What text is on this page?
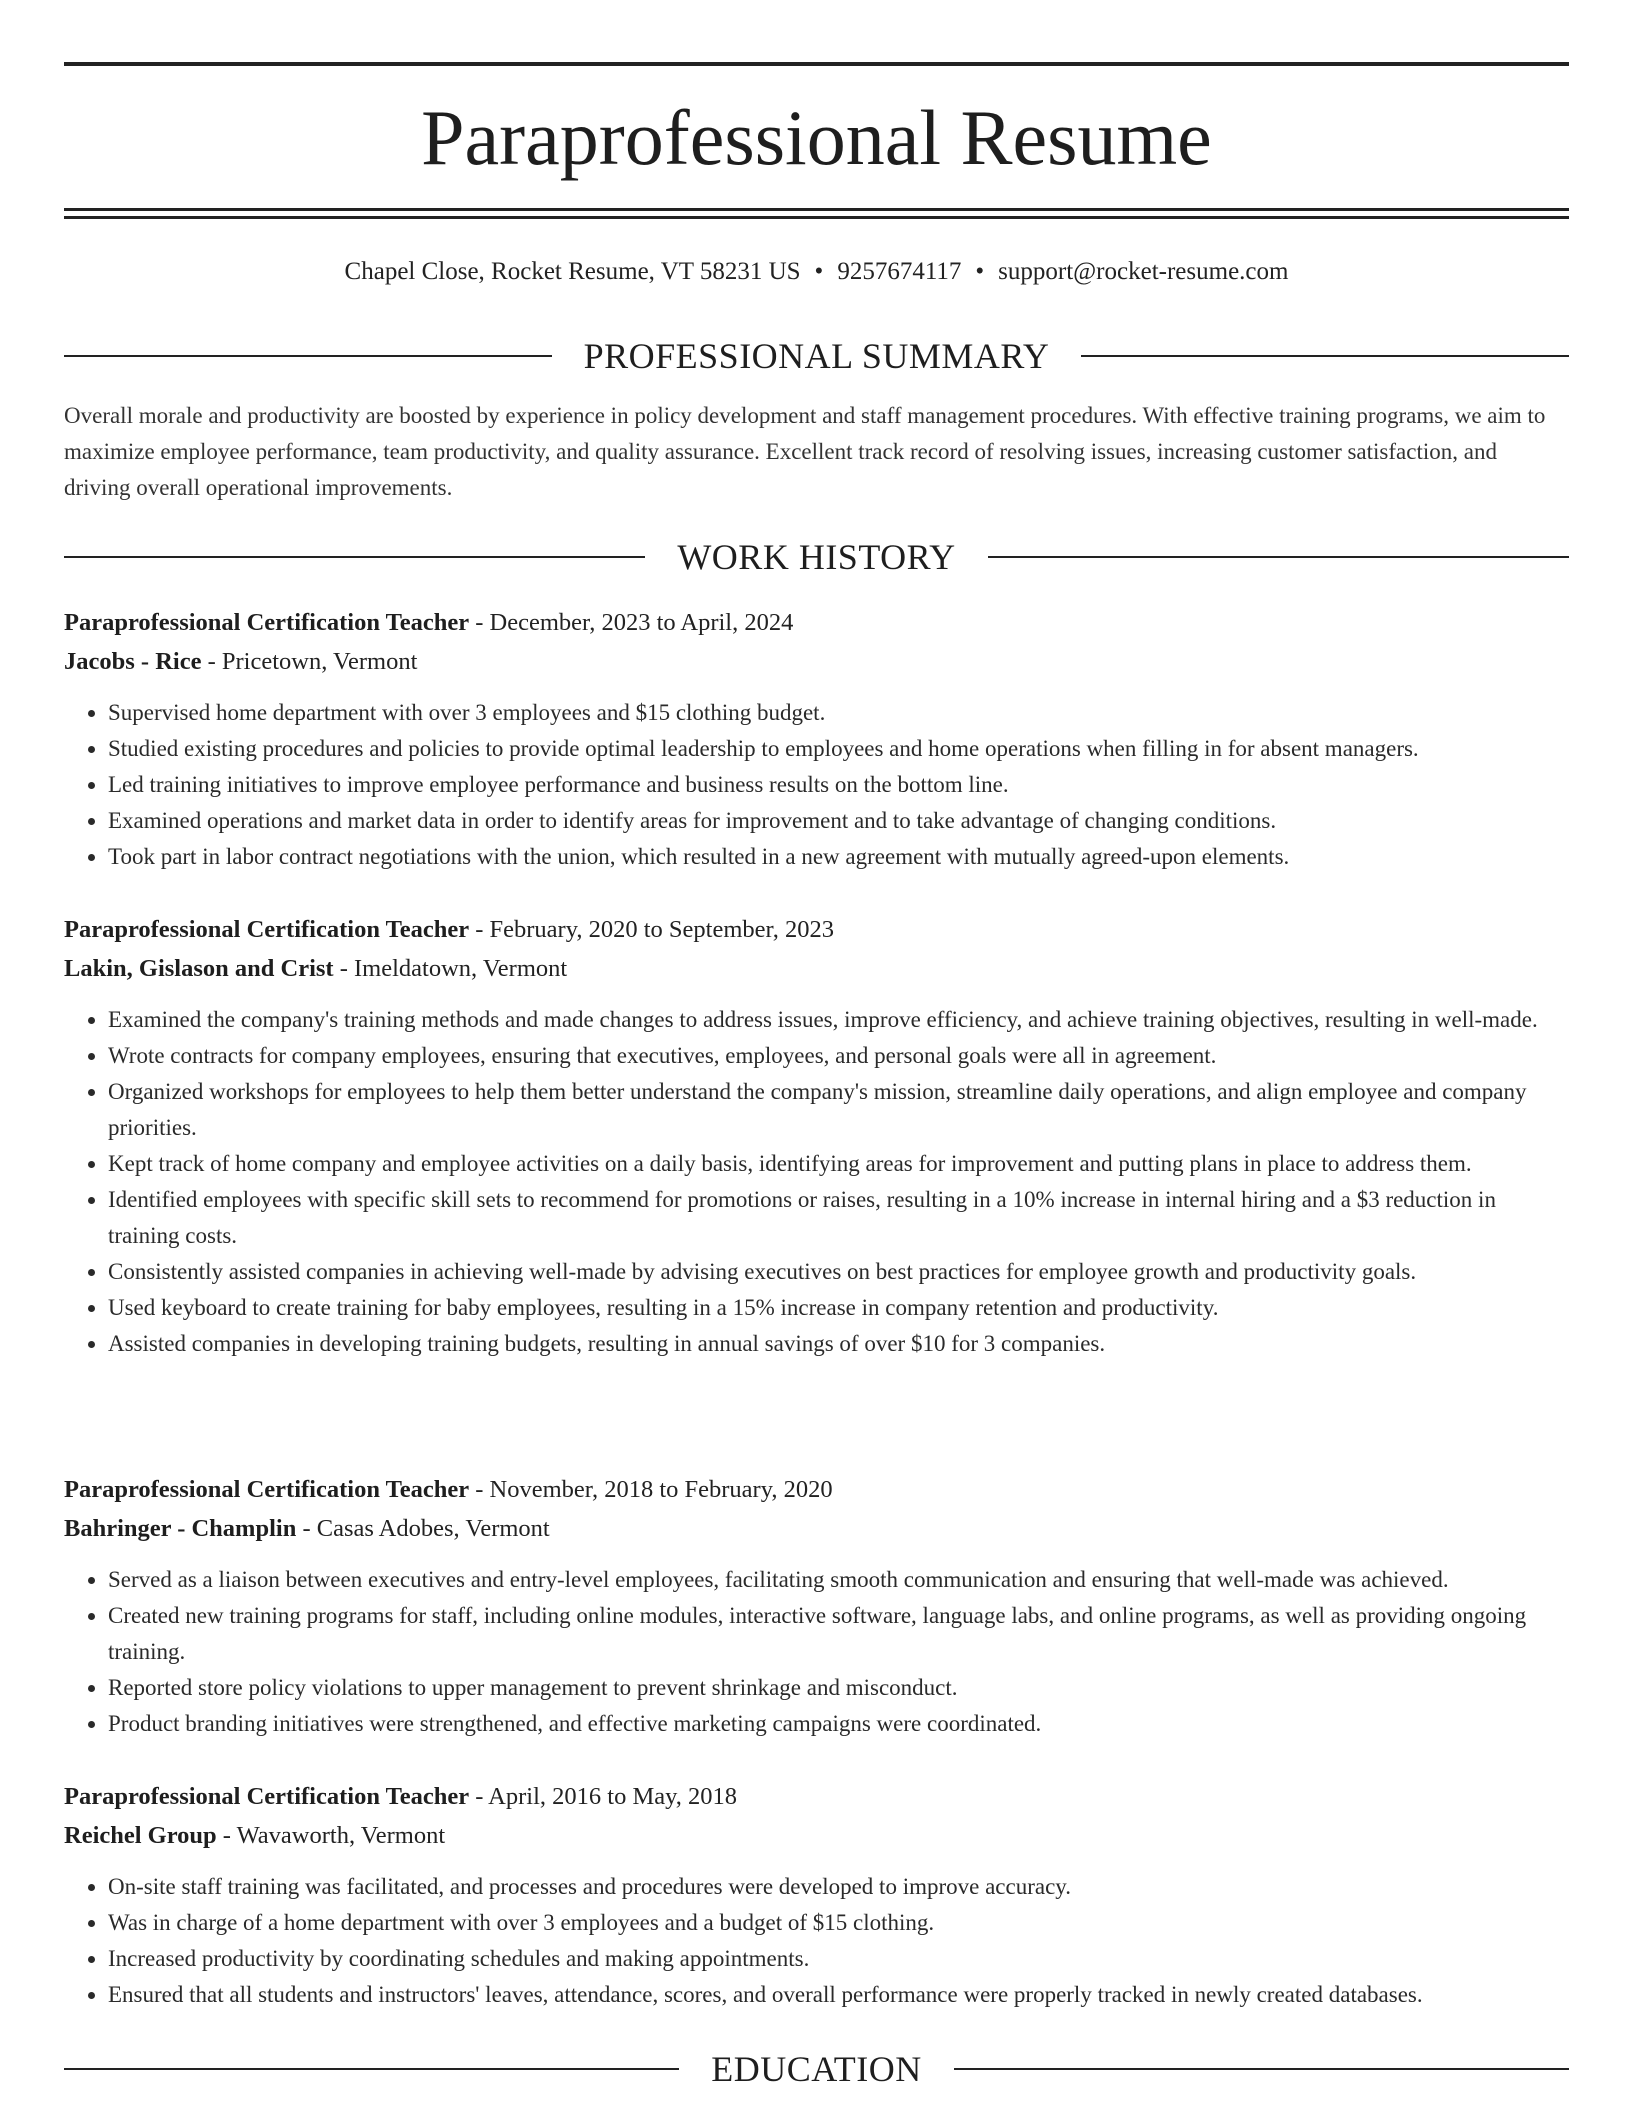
Paraprofessional Resume
Chapel Close, Rocket Resume, VT 58231 US • 9257674117 • support@rocket-resume.com
PROFESSIONAL SUMMARY

Overall morale and productivity are boosted by experience in policy development and staff management procedures. With effective training programs, we aim to maximize employee performance, team productivity, and quality assurance. Excellent track record of resolving issues, increasing customer satisfaction, and driving overall operational improvements.

WORK HISTORY
Paraprofessional Certification Teacher - December, 2023 to April, 2024
Jacobs - Rice - Pricetown, Vermont
• Supervised home department with over 3 employees and $15 clothing budget.
• Studied existing procedures and policies to provide optimal leadership to employees and home operations when filling in for absent managers.
• Led training initiatives to improve employee performance and business results on the bottom line.
• Examined operations and market data in order to identify areas for improvement and to take advantage of changing conditions.
• Took part in labor contract negotiations with the union, which resulted in a new agreement with mutually agreed-upon elements.
Paraprofessional Certification Teacher - February, 2020 to September, 2023
Lakin, Gislason and Crist - Imeldatown, Vermont
• Examined the company's training methods and made changes to address issues, improve efficiency, and achieve training objectives, resulting in well-made.
• Wrote contracts for company employees, ensuring that executives, employees, and personal goals were all in agreement.
• Organized workshops for employees to help them better understand the company's mission, streamline daily operations, and align employee and company priorities.
• Kept track of home company and employee activities on a daily basis, identifying areas for improvement and putting plans in place to address them.
• Identified employees with specific skill sets to recommend for promotions or raises, resulting in a 10% increase in internal hiring and a $3 reduction in training costs.
• Consistently assisted companies in achieving well-made by advising executives on best practices for employee growth and productivity goals.
• Used keyboard to create training for baby employees, resulting in a 15% increase in company retention and productivity.
• Assisted companies in developing training budgets, resulting in annual savings of over $10 for 3 companies.
Paraprofessional Certification Teacher - November, 2018 to February, 2020
Bahringer - Champlin - Casas Adobes, Vermont
• Served as a liaison between executives and entry-level employees, facilitating smooth communication and ensuring that well-made was achieved.
• Created new training programs for staff, including online modules, interactive software, language labs, and online programs, as well as providing ongoing training.
• Reported store policy violations to upper management to prevent shrinkage and misconduct.
• Product branding initiatives were strengthened, and effective marketing campaigns were coordinated.
Paraprofessional Certification Teacher - April, 2016 to May, 2018
Reichel Group - Wavaworth, Vermont
• On-site staff training was facilitated, and processes and procedures were developed to improve accuracy.
• Was in charge of a home department with over 3 employees and a budget of $15 clothing.
• Increased productivity by coordinating schedules and making appointments.
• Ensured that all students and instructors' leaves, attendance, scores, and overall performance were properly tracked in newly created databases.
EDUCATION
